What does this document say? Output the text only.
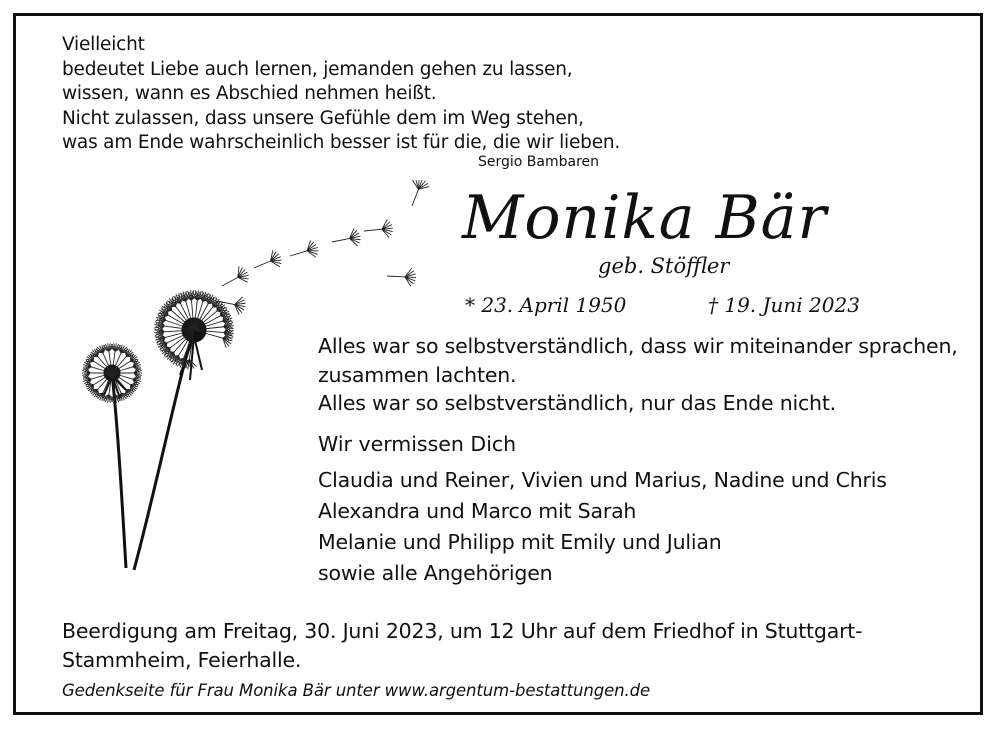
Vielleicht
bedeutet Liebe auch lernen, jemanden gehen zu lassen,
wissen, wann es Abschied nehmen heißt.
Nicht zulassen, dass unsere Gefühle dem im Weg stehen,
was am Ende wahrscheinlich besser ist für die, die wir lieben.
Sergio Bambaren
Monika Bär
geb. Stöffler
* 23. April 1950	† 19. Juni 2023
Alles war so selbstverständlich, dass wir miteinander sprachen,
zusammen lachten.
Alles war so selbstverständlich, nur das Ende nicht.
Wir vermissen Dich
Claudia und Reiner, Vivien und Marius, Nadine und Chris
Alexandra und Marco mit Sarah
Melanie und Philipp mit Emily und Julian
sowie alle Angehörigen
Beerdigung am Freitag, 30. Juni 2023, um 12 Uhr auf dem Friedhof in Stuttgart-
Stammheim, Feierhalle.
Gedenkseite für Frau Monika Bär unter www.argentum-bestattungen.de
